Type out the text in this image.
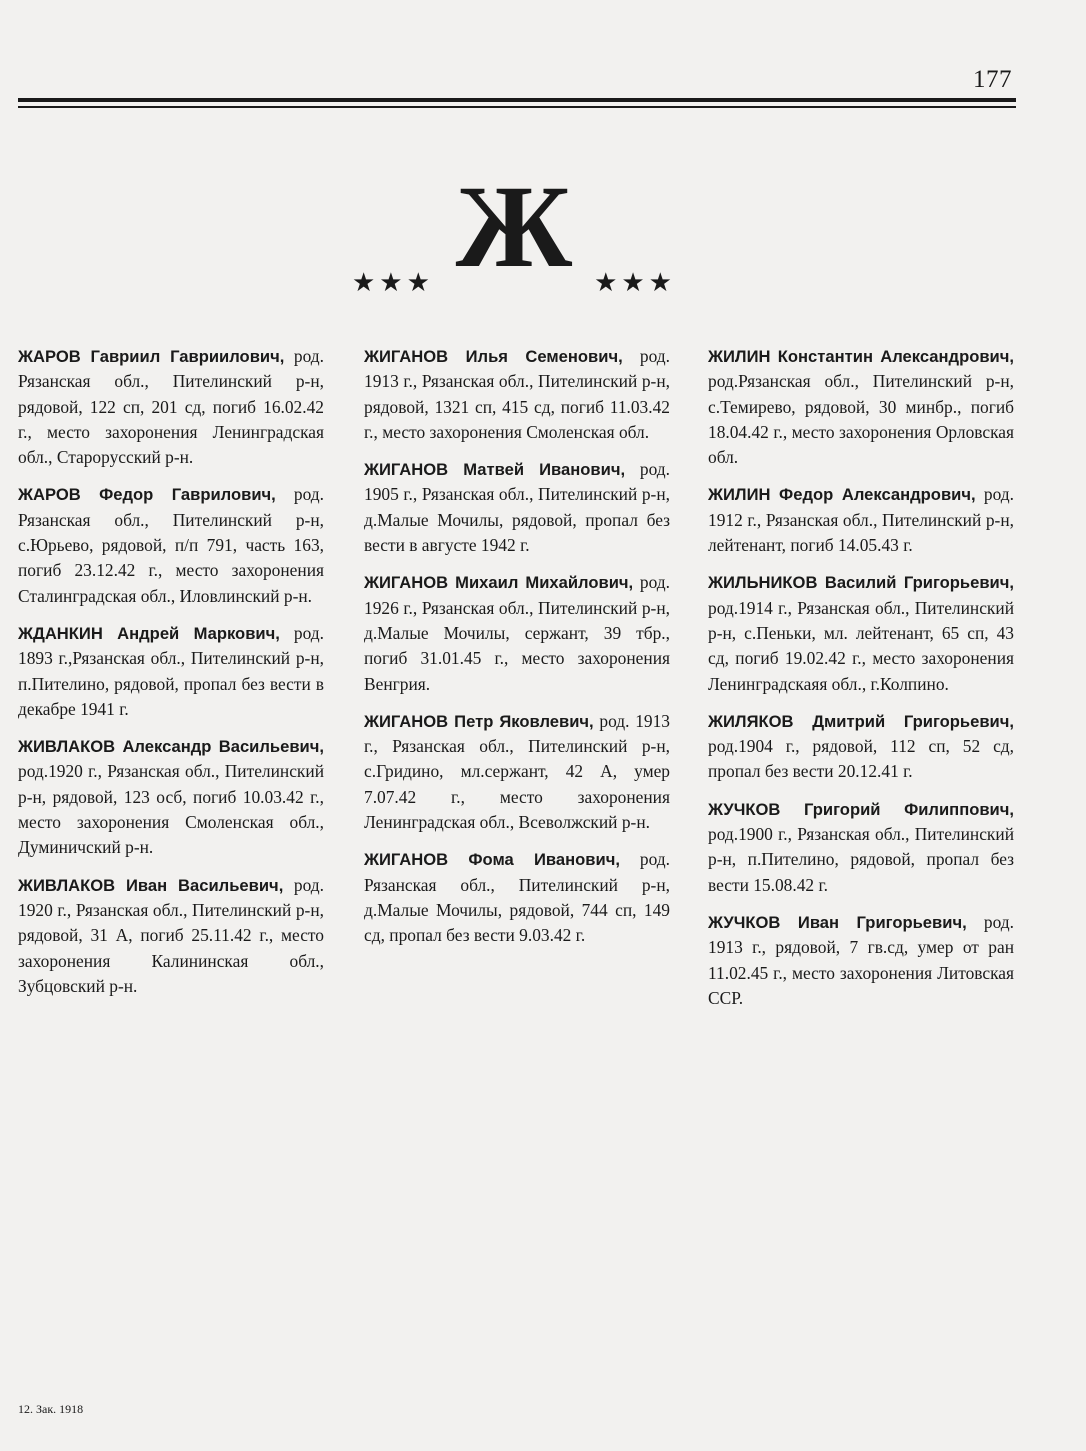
177
★★★ Ж ★★★

ЖАРОВ Гавриил Гавриилович, род. Рязанская обл., Пителинский р-н, рядовой, 122 сп, 201 сд, погиб 16.02.42 г., место захоронения Ленинградская обл., Старорусский р-н.

ЖАРОВ Федор Гаврилович, род. Рязанская обл., Пителинский р-н, с.Юрьево, рядовой, п/п 791, часть 163, погиб 23.12.42 г., место захоронения Сталинградская обл., Иловлинский р-н.

ЖДАНКИН Андрей Маркович, род. 1893 г.,Рязанская обл., Пителинский р-н, п.Пителино, рядовой, пропал без вести в декабре 1941 г.

ЖИВЛАКОВ Александр Васильевич, род.1920 г., Рязанская обл., Пителинский р-н, рядовой, 123 осб, погиб 10.03.42 г., место захоронения Смоленская обл., Думиничский р-н.

ЖИВЛАКОВ Иван Васильевич, род. 1920 г., Рязанская обл., Пителинский р-н, рядовой, 31 А, погиб 25.11.42 г., место захоронения Калининская обл., Зубцовский р-н.

ЖИГАНОВ Илья Семенович, род. 1913 г., Рязанская обл., Пителинский р-н, рядовой, 1321 сп, 415 сд, погиб 11.03.42 г., место захоронения Смоленская обл.

ЖИГАНОВ Матвей Иванович, род. 1905 г., Рязанская обл., Пителинский р-н, д.Малые Мочилы, рядовой, пропал без вести в августе 1942 г.

ЖИГАНОВ Михаил Михайлович, род. 1926 г., Рязанская обл., Пителинский р-н, д.Малые Мочилы, сержант, 39 тбр., погиб 31.01.45 г., место захоронения Венгрия.

ЖИГАНОВ Петр Яковлевич, род. 1913 г., Рязанская обл., Пителинский р-н, с.Гридино, мл.сержант, 42 А, умер 7.07.42 г., место захоронения Ленинградская обл., Всеволжский р-н.

ЖИГАНОВ Фома Иванович, род. Рязанская обл., Пителинский р-н, д.Малые Мочилы, рядовой, 744 сп, 149 сд, пропал без вести 9.03.42 г.

ЖИЛИН Константин Александрович, род.Рязанская обл., Пителинский р-н, с.Темирево, рядовой, 30 минбр., погиб 18.04.42 г., место захоронения Орловская обл.

ЖИЛИН Федор Александрович, род. 1912 г., Рязанская обл., Пителинский р-н, лейтенант, погиб 14.05.43 г.

ЖИЛЬНИКОВ Василий Григорьевич, род.1914 г., Рязанская обл., Пителинский р-н, с.Пеньки, мл. лейтенант, 65 сп, 43 сд, погиб 19.02.42 г., место захоронения Ленинградскаяя обл., г.Колпино.

ЖИЛЯКОВ Дмитрий Григорьевич, род.1904 г., рядовой, 112 сп, 52 сд, пропал без вести 20.12.41 г.

ЖУЧКОВ Григорий Филиппович, род.1900 г., Рязанская обл., Пителинский р-н, п.Пителино, рядовой, пропал без вести 15.08.42 г.

ЖУЧКОВ Иван Григорьевич, род. 1913 г., рядовой, 7 гв.сд, умер от ран 11.02.45 г., место захоронения Литовская ССР.

12. Зак. 1918
